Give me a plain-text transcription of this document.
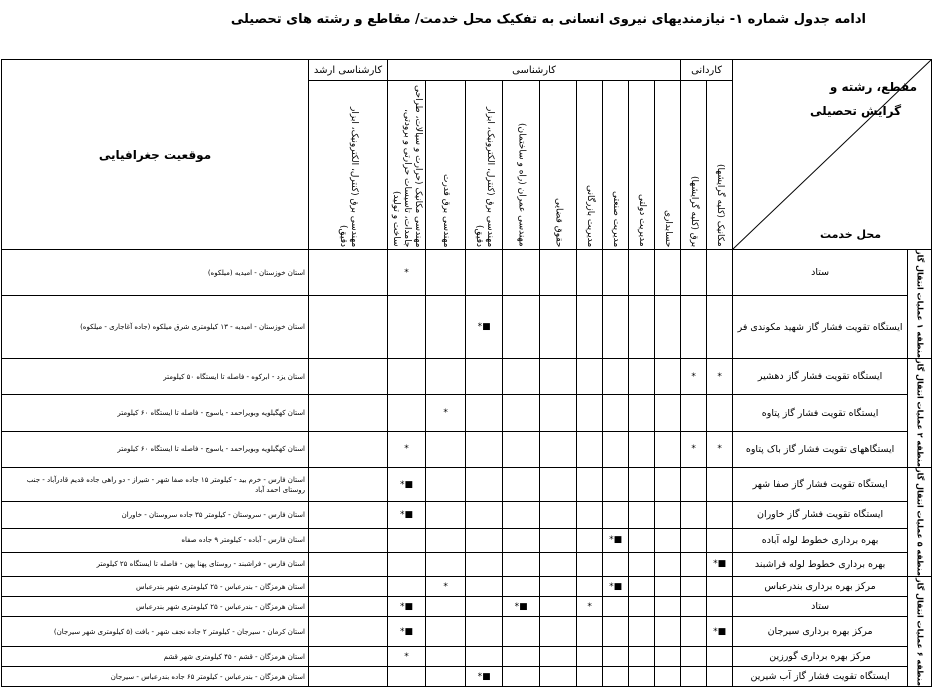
ادامه جدول شماره ۱- نیازمندیهای نیروی انسانی به تفکیک محل خدمت/ مقاطع و رشته های تحصیلی
مقطع، رشته و
گرایش تحصیلی
محل خدمت		کاردانی		کارشناسی									کارشناسی ارشد	موقعیت جغرافیایی

		مکانیک (کلیه گرایشها)	برق (کلیه گرایشها)	حسابداری	مدیریت دولتی	مدیریت صنعتی	مدیریت بازرگانی	حقوق قضایی	مهندسی عمران (راه و ساختمان)	مهندسی برق (کنترل، الکترونیک، ابزار دقیق)	مهندسی برق قدرت	مهندسی مکانیک (حرارت و سیالات، طراحی جامدات، تاسیسات حرارتی و برودتی، ساخت و تولید)	مهندسی برق (کنترل، الکترونیک، ابزار دقیق)	

منطقه ۱ عملیات انتقال گاز	ستاد											*		استان خوزستان - امیدیه (میلکوه)
	ایستگاه تقویت فشار گاز شهید مکوندی فر									■*				استان خوزستان - امیدیه - ۱۳ کیلومتری شرق میلکوه (جاده آغاجاری - میلکوه)

منطقه ۲ عملیات انتقال گاز	ایستگاه تقویت فشار گاز دهشیر	*	*											استان یزد - ابرکوه - فاصله تا ایستگاه ۵۰ کیلومتر
	ایستگاه تقویت فشار گاز پتاوه										*			استان کهگیلویه وبویراحمد - یاسوج - فاصله تا ایستگاه ۶۰ کیلومتر
	ایستگاههای تقویت فشار گاز باک پتاوه	*	*									*		استان کهگیلویه وبویراحمد - یاسوج - فاصله تا ایستگاه ۶۰ کیلومتر

منطقه ۵ عملیات انتقال گاز	ایستگاه تقویت فشار گاز صفا شهر											■*		استان فارس - خرم بید - کیلومتر ۱۵ جاده صفا شهر - شیراز - دو راهی جاده قدیم قادرآباد - جنب روستای احمد آباد
	ایستگاه تقویت فشار گاز خاوران											■*		استان فارس - سروستان - کیلومتر ۳۵ جاده سروستان - خاوران
	بهره برداری خطوط لوله آباده					■*								استان فارس - آباده - کیلومتر ۹ جاده صفاه
	بهره برداری خطوط لوله فراشبند	■*												استان فارس - فراشبند - روستای پهنا پهن - فاصله تا ایستگاه ۲۵ کیلومتر

منطقه ۶ عملیات انتقال گاز	مرکز بهره برداری بندرعباس					■*					*			استان هرمزگان - بندرعباس - ۲۵ کیلومتری شهر بندرعباس
	ستاد						*		■*			■*		استان هرمزگان - بندرعباس - ۲۵ کیلومتری شهر بندرعباس
	مرکز بهره برداری سیرجان	■*										■*		استان کرمان - سیرجان - کیلومتر ۲ جاده نجف شهر - بافت (۵ کیلومتری شهر سیرجان)
	مرکز بهره برداری گورزین											*		استان هرمزگان - قشم - ۴۵ کیلومتری شهر قشم
	ایستگاه تقویت فشار گاز آب شیرین									■*				استان هرمزگان - بندرعباس - کیلومتر ۶۵ جاده بندرعباس - سیرجان
